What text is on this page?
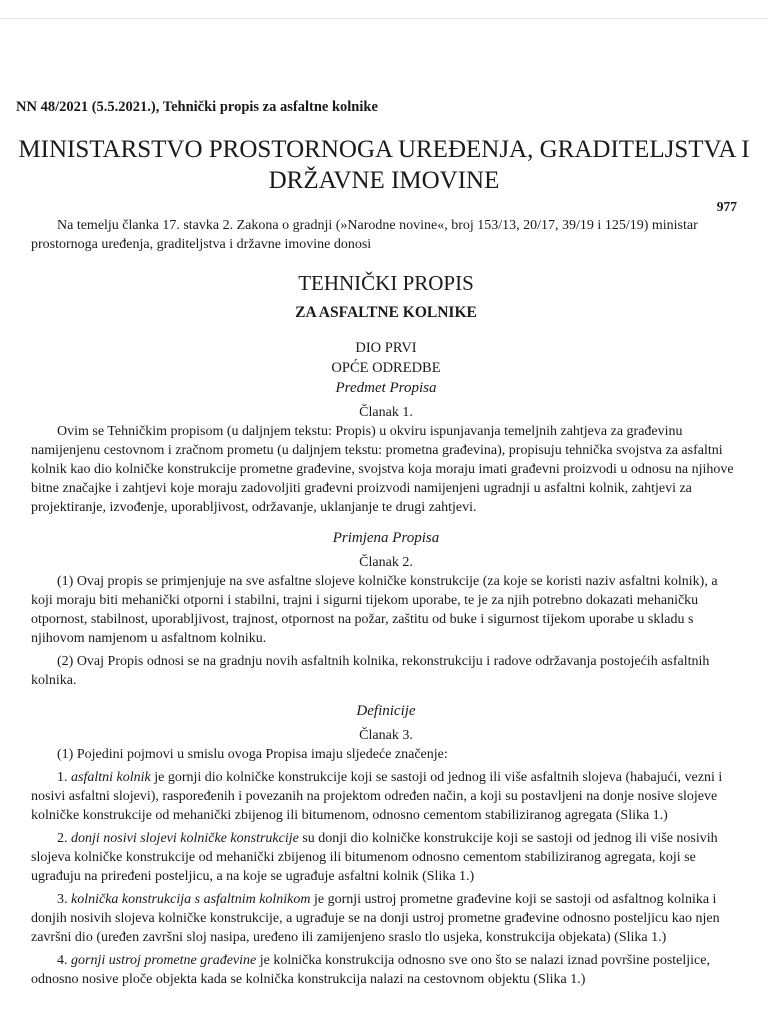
NN 48/2021 (5.5.2021.), Tehnički propis za asfaltne kolnike
MINISTARSTVO PROSTORNOGA UREĐENJA, GRADITELJSTVA I
DRŽAVNE IMOVINE
977

Na temelju članka 17. stavka 2. Zakona o gradnji (»Narodne novine«, broj 153/13, 20/17, 39/19 i 125/19) ministar prostornoga uređenja, graditeljstva i državne imovine donosi

TEHNIČKI PROPIS

ZA ASFALTNE KOLNIKE

DIO PRVI

OPĆE ODREDBE

Predmet Propisa

Članak 1.

Ovim se Tehničkim propisom (u daljnjem tekstu: Propis) u okviru ispunjavanja temeljnih zahtjeva za građevinu namijenjenu cestovnom i zračnom prometu (u daljnjem tekstu: prometna građevina), propisuju tehnička svojstva za asfaltni kolnik kao dio kolničke konstrukcije prometne građevine, svojstva koja moraju imati građevni proizvodi u odnosu na njihove bitne značajke i zahtjevi koje moraju zadovoljiti građevni proizvodi namijenjeni ugradnji u asfaltni kolnik, zahtjevi za projektiranje, izvođenje, uporabljivost, održavanje, uklanjanje te drugi zahtjevi.

Primjena Propisa

Članak 2.

(1) Ovaj propis se primjenjuje na sve asfaltne slojeve kolničke konstrukcije (za koje se koristi naziv asfaltni kolnik), a koji moraju biti mehanički otporni i stabilni, trajni i sigurni tijekom uporabe, te je za njih potrebno dokazati mehaničku otpornost, stabilnost, uporabljivost, trajnost, otpornost na požar, zaštitu od buke i sigurnost tijekom uporabe u skladu s njihovom namjenom u asfaltnom kolniku.

(2) Ovaj Propis odnosi se na gradnju novih asfaltnih kolnika, rekonstrukciju i radove održavanja postojećih asfaltnih kolnika.

Definicije

Članak 3.

(1) Pojedini pojmovi u smislu ovoga Propisa imaju sljedeće značenje:

1. asfaltni kolnik je gornji dio kolničke konstrukcije koji se sastoji od jednog ili više asfaltnih slojeva (habajući, vezni i nosivi asfaltni slojevi), raspoređenih i povezanih na projektom određen način, a koji su postavljeni na donje nosive slojeve kolničke konstrukcije od mehanički zbijenog ili bitumenom, odnosno cementom stabiliziranog agregata (Slika 1.)

2. donji nosivi slojevi kolničke konstrukcije su donji dio kolničke konstrukcije koji se sastoji od jednog ili više nosivih slojeva kolničke konstrukcije od mehanički zbijenog ili bitumenom odnosno cementom stabiliziranog agregata, koji se ugrađuju na prirеđeni posteljicu, a na koje se ugrađuje asfaltni kolnik (Slika 1.)

3. kolnička konstrukcija s asfaltnim kolnikom je gornji ustroj prometne građevine koji se sastoji od asfaltnog kolnika i donjih nosivih slojeva kolničke konstrukcije, a ugrađuje se na donji ustroj prometne građevine odnosno posteljicu kao njen završni dio (uređen završni sloj nasipa, uređeno ili zamijenjeno sraslo tlo usjeka, konstrukcija objekata) (Slika 1.)

4. gornji ustroj prometne građevine je kolnička konstrukcija odnosno sve ono što se nalazi iznad površine posteljice, odnosno nosive ploče objekta kada se kolnička konstrukcija nalazi na cestovnom objektu (Slika 1.)
